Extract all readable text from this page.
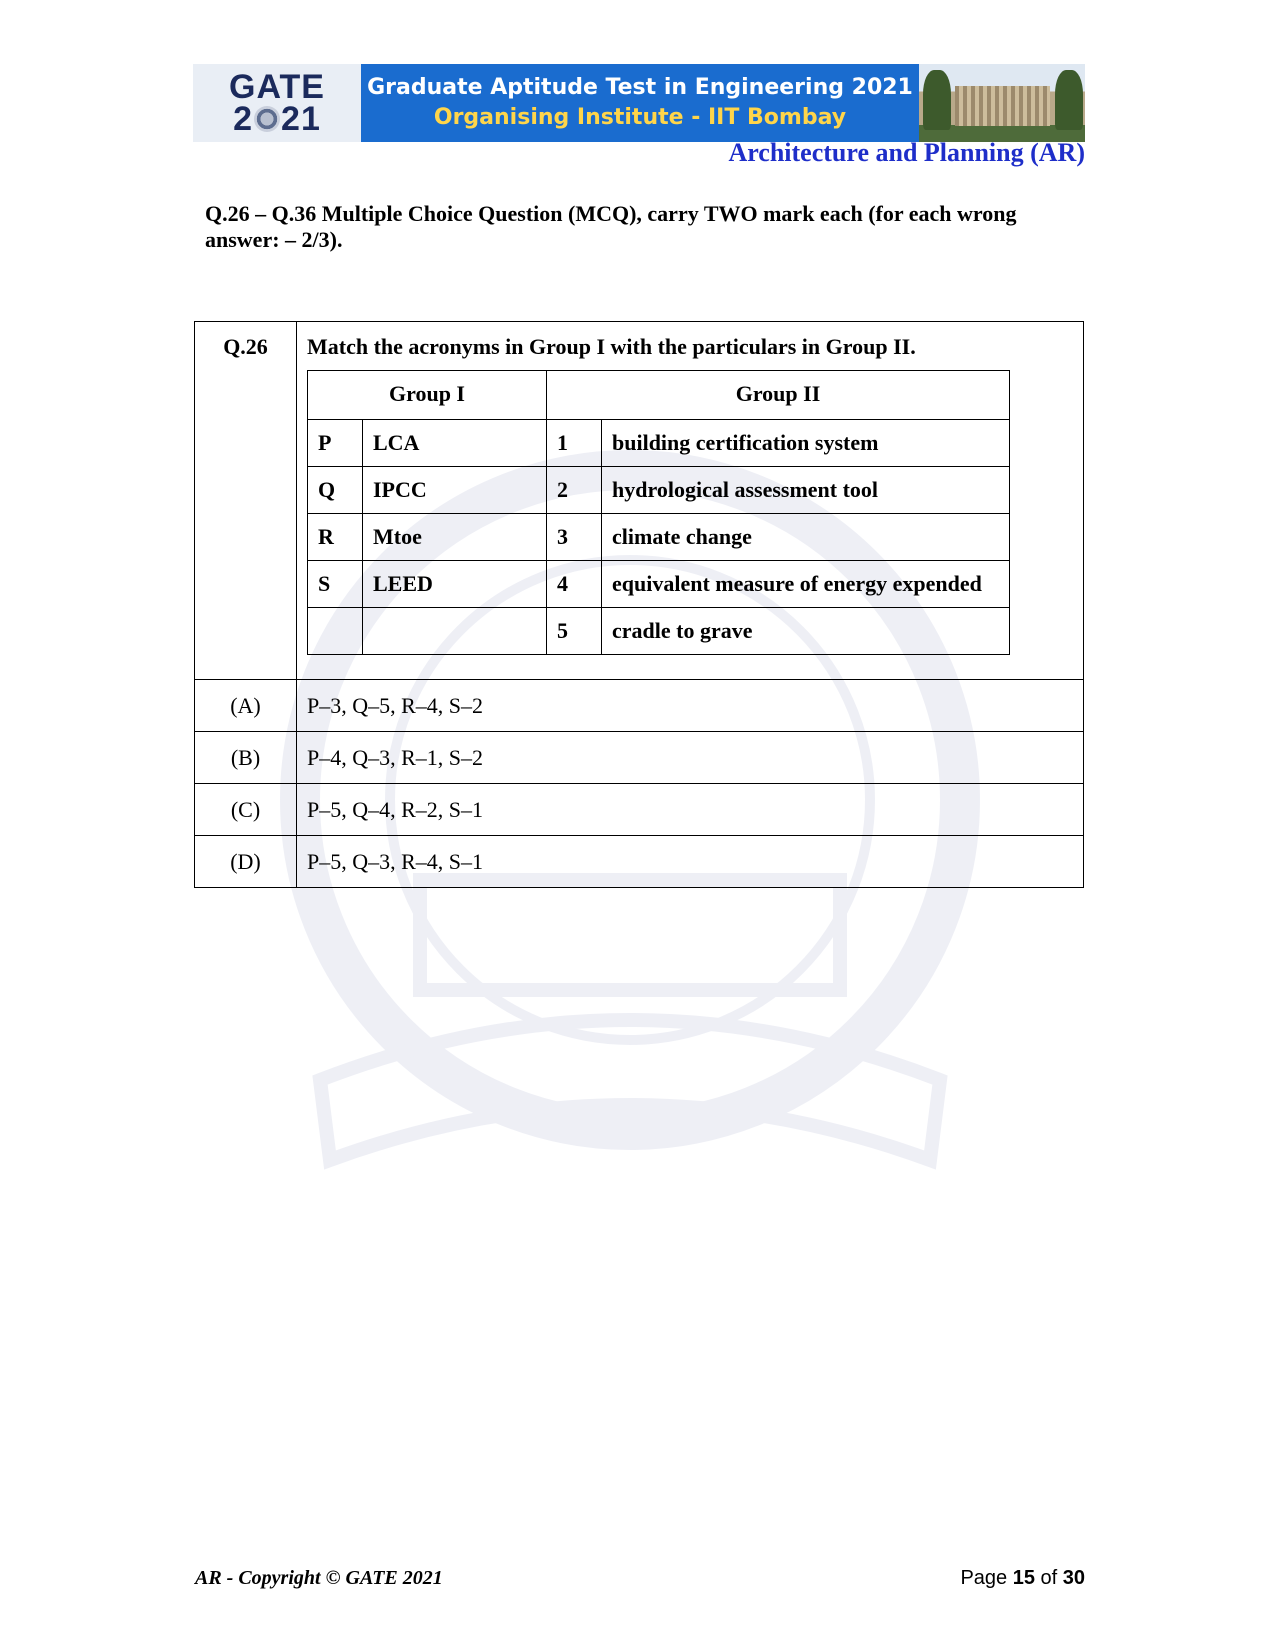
GATE
2 21
Graduate Aptitude Test in Engineering 2021
Organising Institute - IIT Bombay
Architecture and Planning (AR)
Q.26 – Q.36 Multiple Choice Question (MCQ), carry TWO mark each (for each wrong answer: – 2/3).
Q.26	Match the acronyms in Group I with the particulars in Group II.
Group I	Group II
P	LCA	1	building certification system
Q	IPCC	2	hydrological assessment tool
R	Mtoe	3	climate change
S	LEED	4	equivalent measure of energy expended
		5	cradle to grave

(A)	P–3, Q–5, R–4, S–2
(B)	P–4, Q–3, R–1, S–2
(C)	P–5, Q–4, R–2, S–1
(D)	P–5, Q–3, R–4, S–1
AR - Copyright © GATE 2021	Page 15 of 30
